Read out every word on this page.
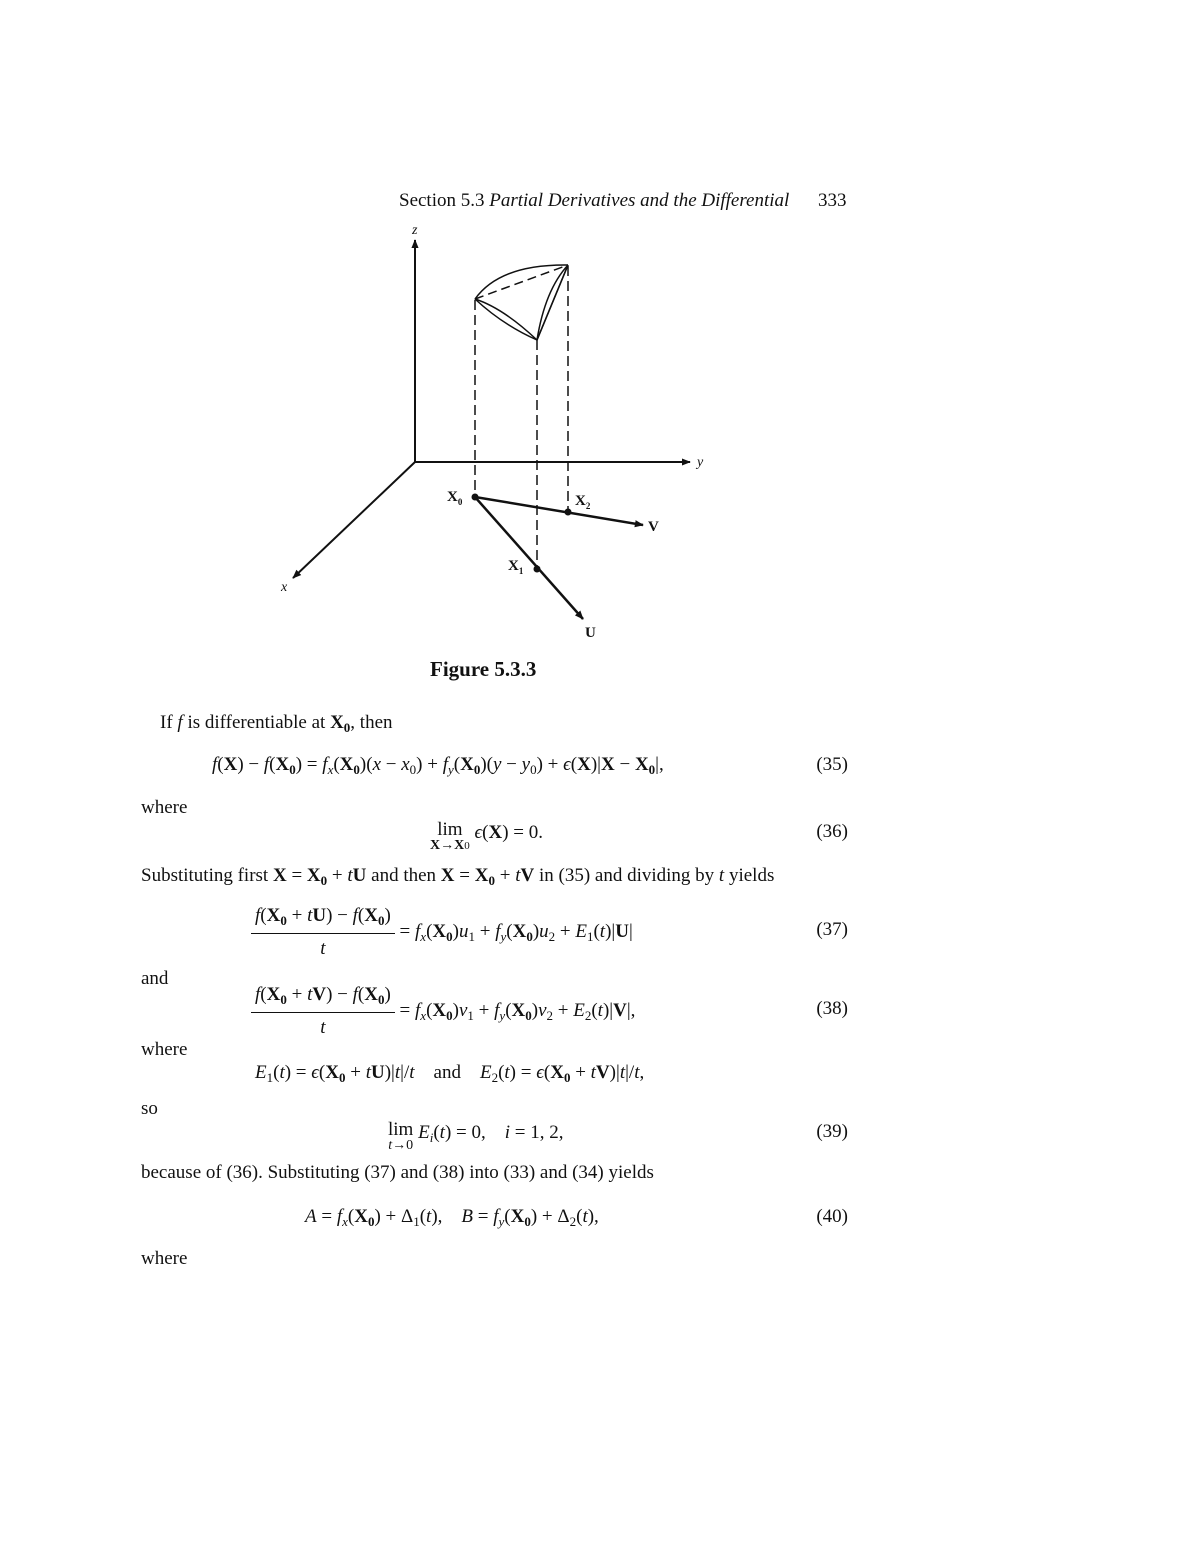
Section 5.3 Partial Derivatives and the Differential 333
z
y
x
$X_0$	$X_2$
$X_1$
V
U
Figure 5.3.3
If f is differentiable at $X_0$, then
$f(X) - f(X_0) = f_x(X_0)(x - x_0) + f_y(X_0)(y - y_0) + \epsilon(X)|X - X_0|$,	(35)
where
lim
X→X0
ϵ(X) = 0.	(36)
Substituting first $X = X_0$ + tU and then $X = X_0$ + tV in (35) and dividing by t yields
$\frac{f(X_0 + tU) - f(X_0)}{t} = f_x(X_0)u_1 + f_y(X_0)u_2 + E_1(t)|U|$	(37)
and
$\frac{f(X_0 + tV) - f(X_0)}{t} = f_x(X_0)v_1 + f_y(X_0)v_2 + E_2(t)|V|$,	(38)
where
$E_1(t) = \epsilon(X_0 + tU)|t|/t$ and $E_2(t) = \epsilon(X_0 + tV)|t|/t$,
so
lim
t→0
$E_i(t) = 0$,    i = 1, 2,	(39)
because of (36). Substituting (37) and (38) into (33) and (34) yields
$A = f_x(X_0) + \Delta_1(t)$,    $B = f_y(X_0) + \Delta_2(t)$,	(40)
where
